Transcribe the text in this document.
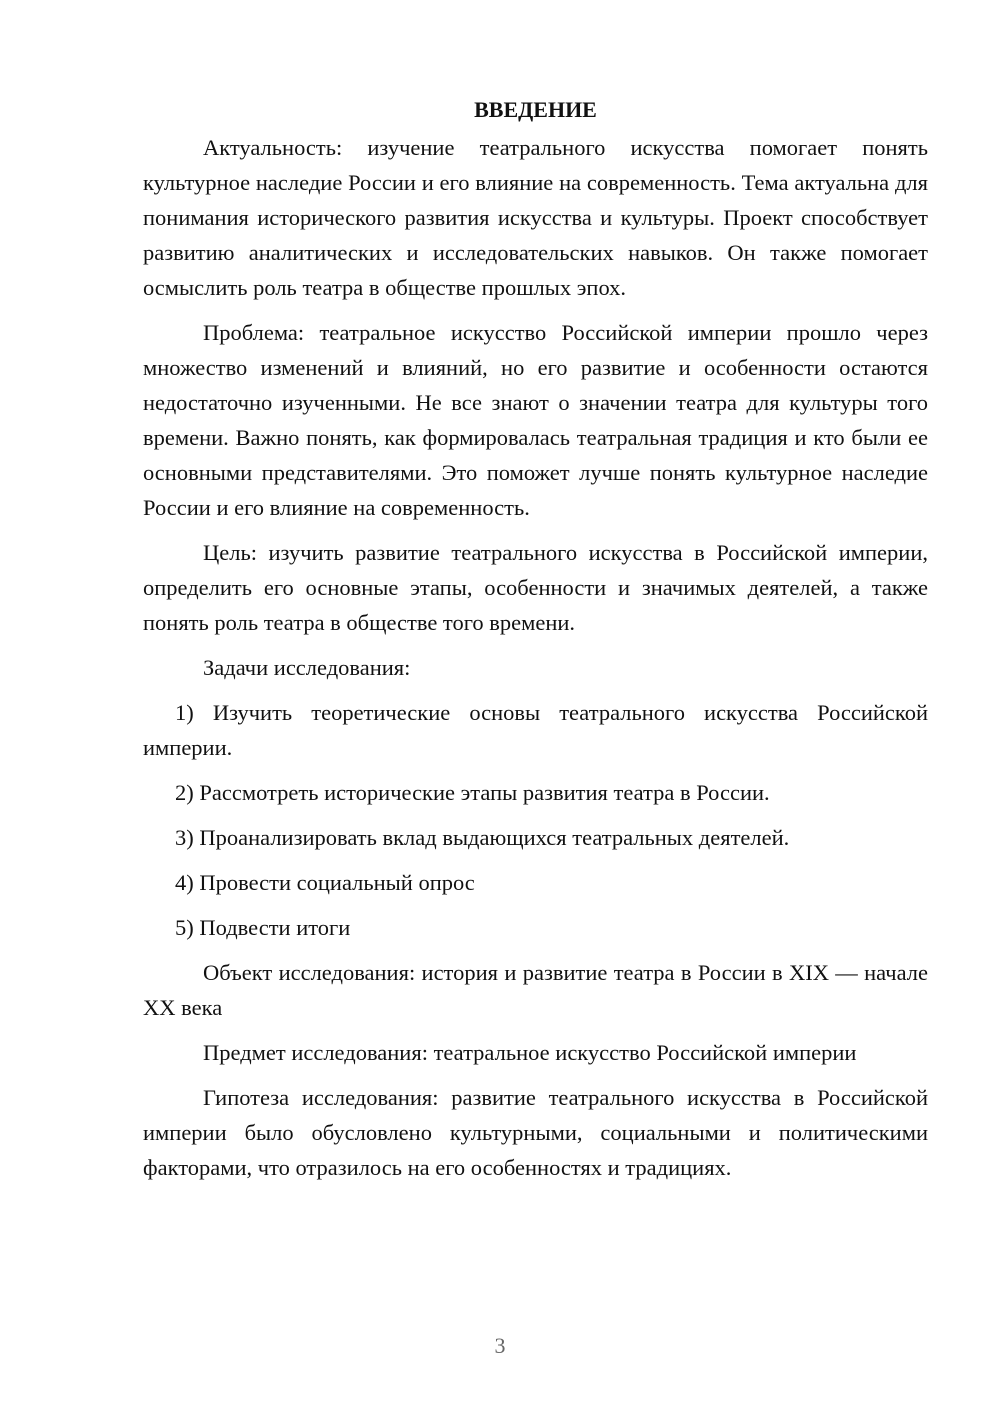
ВВЕДЕНИЕ

Актуальность: изучение театрального искусства помогает понять культурное наследие России и его влияние на современность. Тема актуальна для понимания исторического развития искусства и культуры. Проект способствует развитию аналитических и исследовательских навыков. Он также помогает осмыслить роль театра в обществе прошлых эпох.

Проблема: театральное искусство Российской империи прошло через множество изменений и влияний, но его развитие и особенности остаются недостаточно изученными. Не все знают о значении театра для культуры того времени. Важно понять, как формировалась театральная традиция и кто были ее основными представителями. Это поможет лучше понять культурное наследие России и его влияние на современность.

Цель: изучить развитие театрального искусства в Российской империи, определить его основные этапы, особенности и значимых деятелей, а также понять роль театра в обществе того времени.

Задачи исследования:

1) Изучить теоретические основы театрального искусства Российской империи.

2) Рассмотреть исторические этапы развития театра в России.

3) Проанализировать вклад выдающихся театральных деятелей.

4) Провести социальный опрос

5) Подвести итоги

Объект исследования: история и развитие театра в России в XIX — начале XX века

Предмет исследования: театральное искусство Российской империи

Гипотеза исследования: развитие театрального искусства в Российской империи было обусловлено культурными, социальными и политическими факторами, что отразилось на его особенностях и традициях.

3
